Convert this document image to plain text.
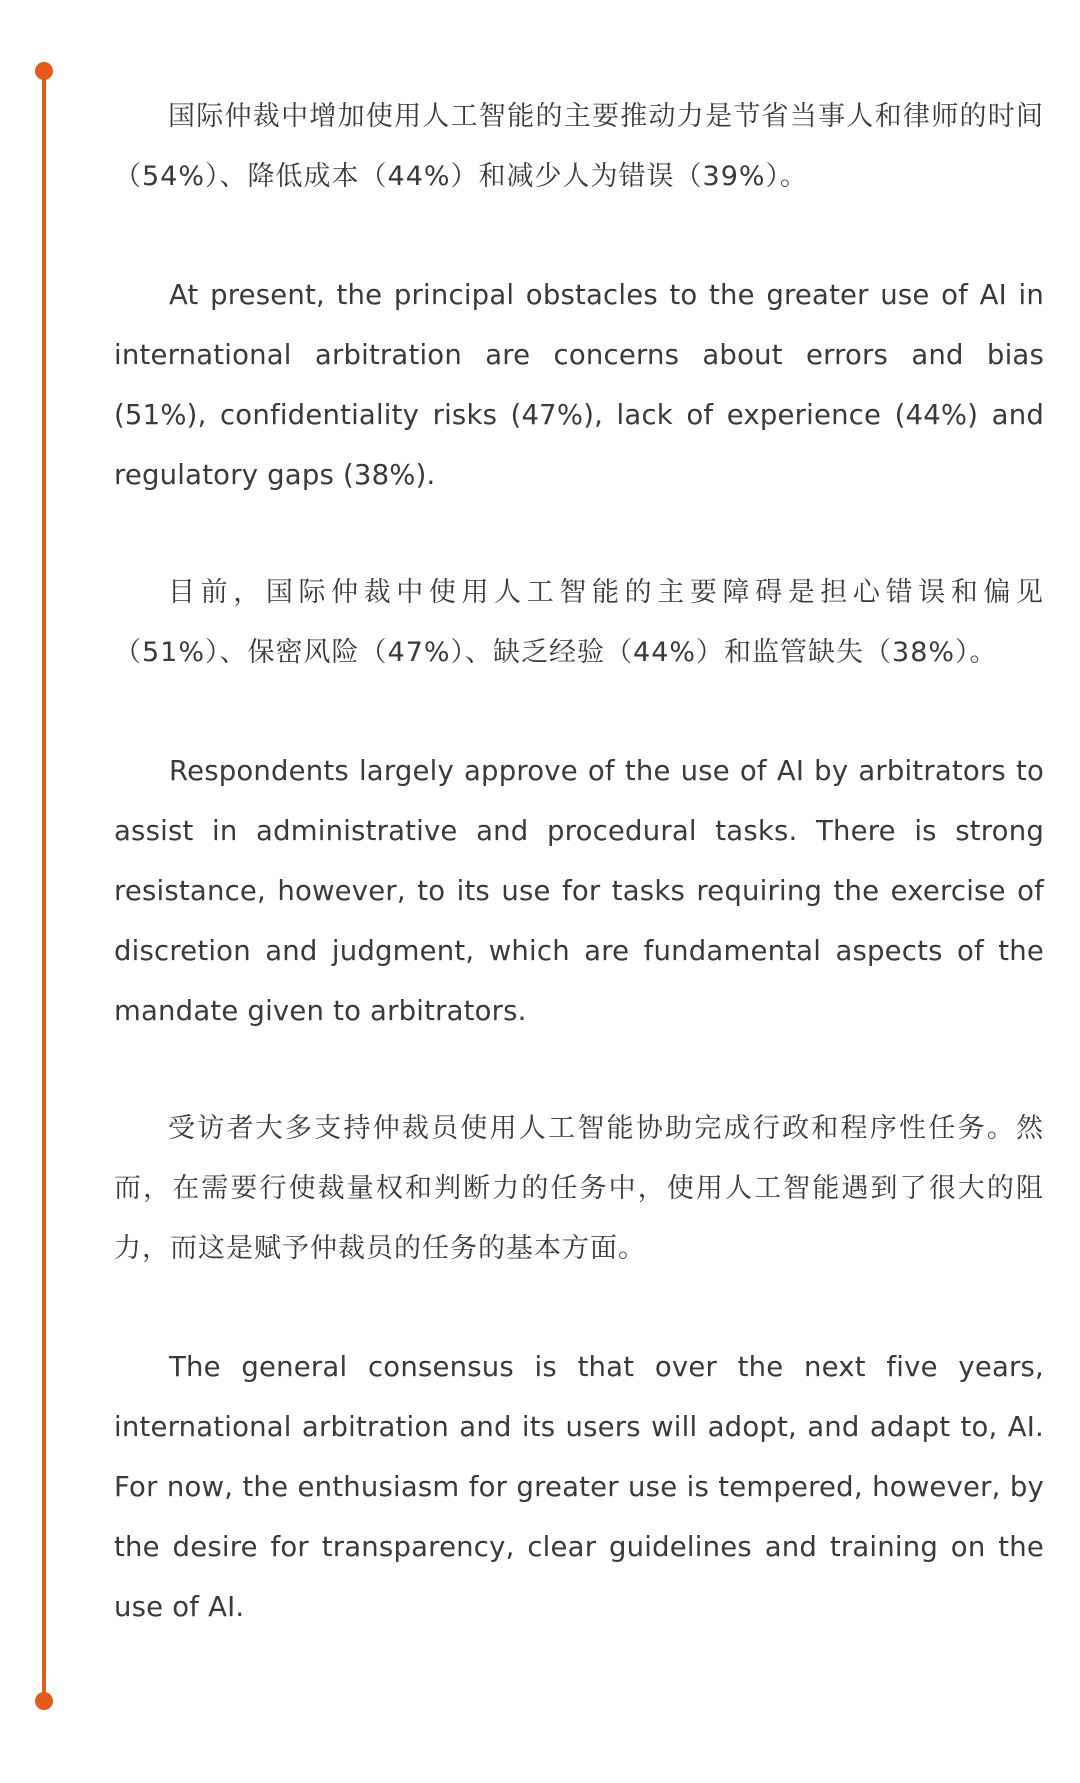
国际仲裁中增加使用人工智能的主要推动力是节省当事人和律师的时间（54%）、降低成本（44%）和减少人为错误（39%）。

At present, the principal obstacles to the greater use of AI in international arbitration are concerns about errors and bias (51%), confidentiality risks (47%), lack of experience (44%) and regulatory gaps (38%).

目前，国际仲裁中使用人工智能的主要障碍是担心错误和偏见（51%）、保密风险（47%）、缺乏经验（44%）和监管缺失（38%）。

Respondents largely approve of the use of AI by arbitrators to assist in administrative and procedural tasks. There is strong resistance, however, to its use for tasks requiring the exercise of discretion and judgment, which are fundamental aspects of the mandate given to arbitrators.

受访者大多支持仲裁员使用人工智能协助完成行政和程序性任务。然而，在需要行使裁量权和判断力的任务中，使用人工智能遇到了很大的阻力，而这是赋予仲裁员的任务的基本方面。

The general consensus is that over the next five years, international arbitration and its users will adopt, and adapt to, AI. For now, the enthusiasm for greater use is tempered, however, by the desire for transparency, clear guidelines and training on the use of AI.
